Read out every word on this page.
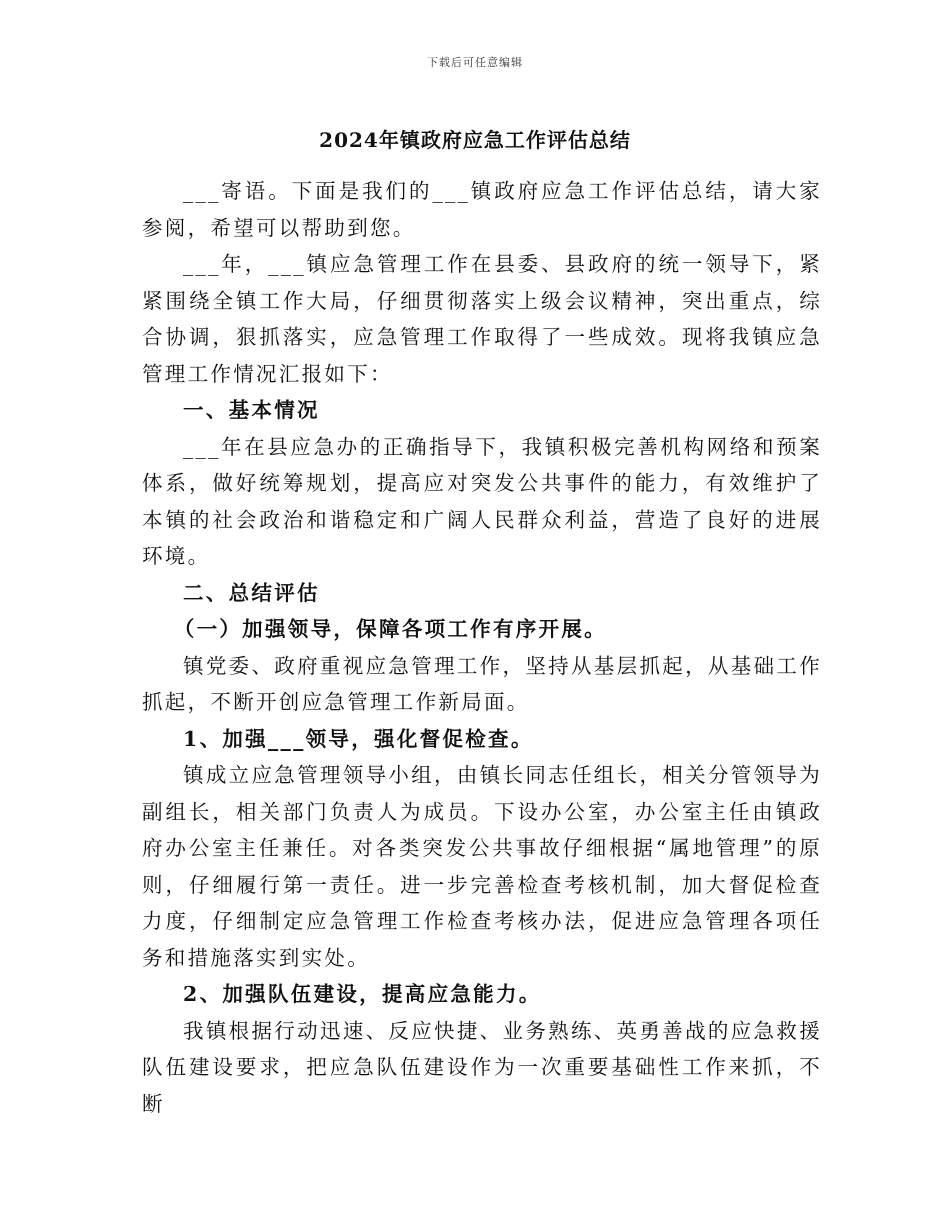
下载后可任意编辑
2024年镇政府应急工作评估总结

___寄语。下面是我们的___镇政府应急工作评估总结，请大家参阅，希望可以帮助到您。

___年，___镇应急管理工作在县委、县政府的统一领导下，紧紧围绕全镇工作大局，仔细贯彻落实上级会议精神，突出重点，综合协调，狠抓落实，应急管理工作取得了一些成效。现将我镇应急管理工作情况汇报如下：

一、基本情况

___年在县应急办的正确指导下，我镇积极完善机构网络和预案体系，做好统筹规划，提高应对突发公共事件的能力，有效维护了本镇的社会政治和谐稳定和广阔人民群众利益，营造了良好的进展环境。

二、总结评估

（一）加强领导，保障各项工作有序开展。

镇党委、政府重视应急管理工作，坚持从基层抓起，从基础工作抓起，不断开创应急管理工作新局面。

1、加强___领导，强化督促检查。

镇成立应急管理领导小组，由镇长同志任组长，相关分管领导为副组长，相关部门负责人为成员。下设办公室，办公室主任由镇政府办公室主任兼任。对各类突发公共事故仔细根据“属地管理”的原则，仔细履行第一责任。进一步完善检查考核机制，加大督促检查力度，仔细制定应急管理工作检查考核办法，促进应急管理各项任务和措施落实到实处。

2、加强队伍建设，提高应急能力。

我镇根据行动迅速、反应快捷、业务熟练、英勇善战的应急救援队伍建设要求，把应急队伍建设作为一次重要基础性工作来抓，不断
